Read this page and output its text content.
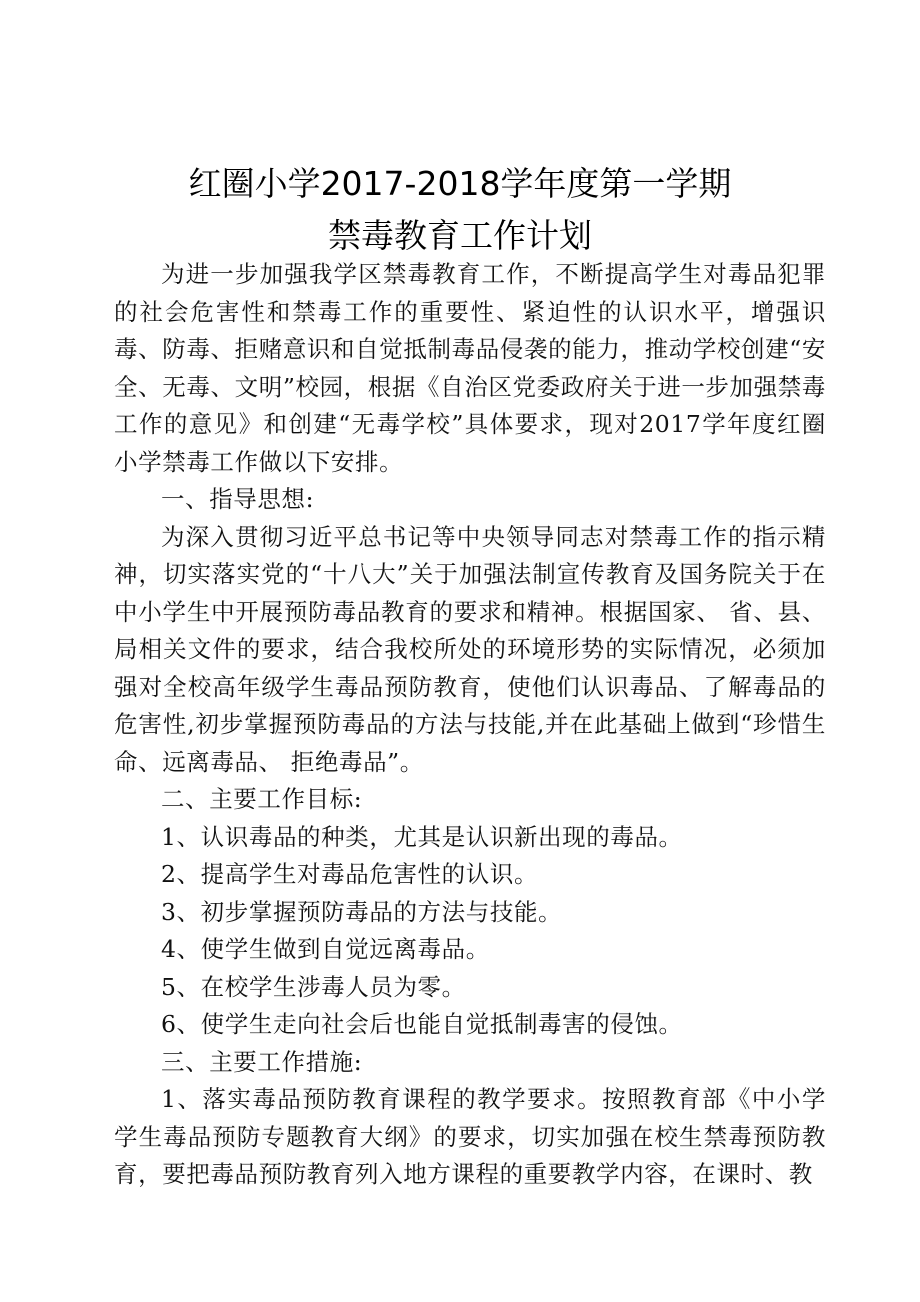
红圈小学2017-2018学年度第一学期
禁毒教育工作计划

为进一步加强我学区禁毒教育工作，不断提高学生对毒品犯罪的社会危害性和禁毒工作的重要性、紧迫性的认识水平，增强识毒、防毒、拒赌意识和自觉抵制毒品侵袭的能力，推动学校创建“安全、无毒、文明”校园，根据《自治区党委政府关于进一步加强禁毒工作的意见》和创建“无毒学校”具体要求，现对2017学年度红圈小学禁毒工作做以下安排。

一、指导思想:

为深入贯彻习近平总书记等中央领导同志对禁毒工作的指示精神，切实落实党的“十八大”关于加强法制宣传教育及国务院关于在中小学生中开展预防毒品教育的要求和精神。根据国家、 省、县、局相关文件的要求，结合我校所处的环境形势的实际情况，必须加强对全校高年级学生毒品预防教育，使他们认识毒品、了解毒品的危害性,初步掌握预防毒品的方法与技能,并在此基础上做到“珍惜生命、远离毒品、 拒绝毒品”。

二、主要工作目标:

1、认识毒品的种类，尤其是认识新出现的毒品。

2、提高学生对毒品危害性的认识。

3、初步掌握预防毒品的方法与技能。

4、使学生做到自觉远离毒品。

5、在校学生涉毒人员为零。

6、使学生走向社会后也能自觉抵制毒害的侵蚀。

三、主要工作措施:

1、落实毒品预防教育课程的教学要求。按照教育部《中小学学生毒品预防专题教育大纲》的要求，切实加强在校生禁毒预防教育，要把毒品预防教育列入地方课程的重要教学内容，在课时、教
